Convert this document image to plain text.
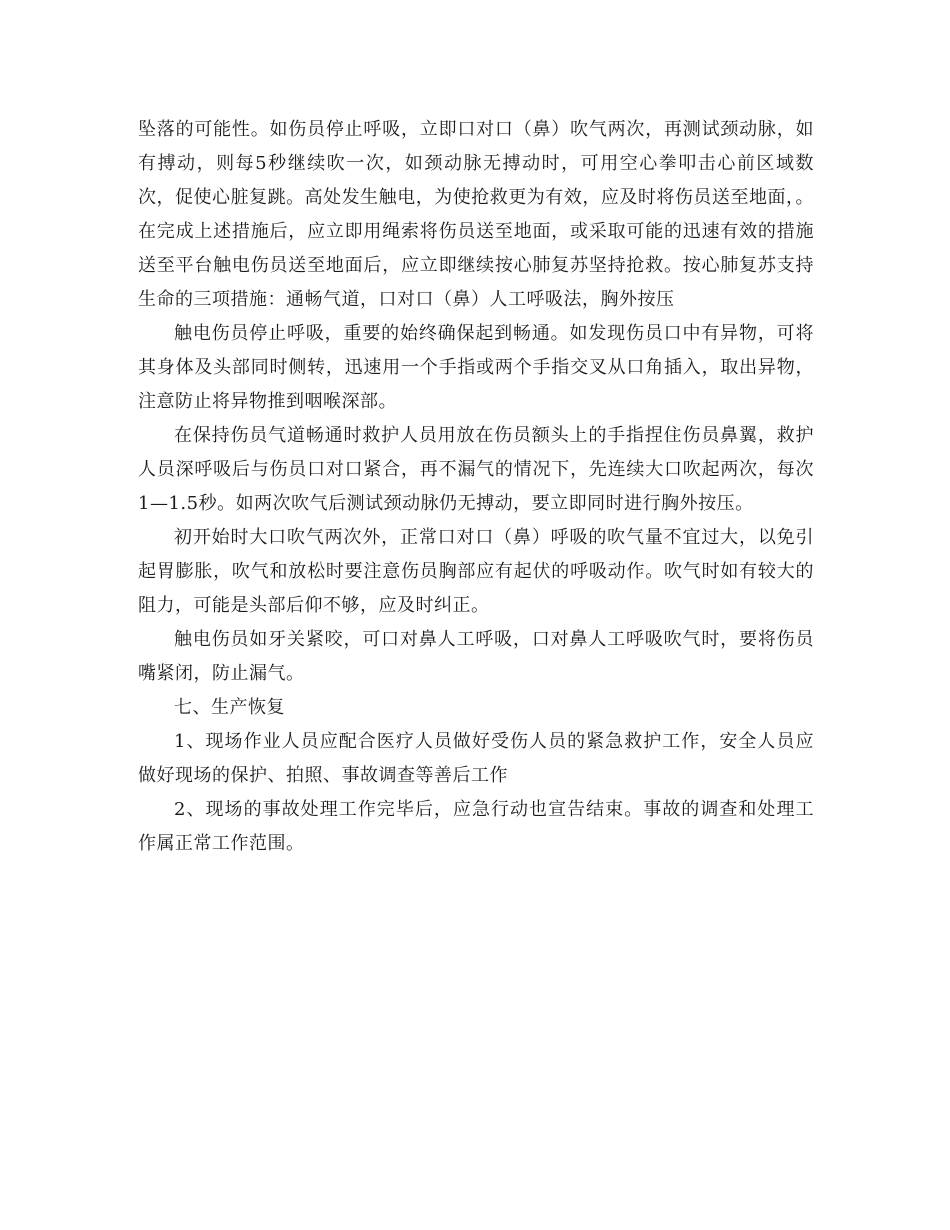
坠落的可能性。如伤员停止呼吸，立即口对口（鼻）吹气两次，再测试颈动脉，如有搏动，则每5秒继续吹一次，如颈动脉无搏动时，可用空心拳叩击心前区域数次，促使心脏复跳。高处发生触电，为使抢救更为有效，应及时将伤员送至地面，。在完成上述措施后，应立即用绳索将伤员送至地面，或采取可能的迅速有效的措施送至平台触电伤员送至地面后，应立即继续按心肺复苏坚持抢救。按心肺复苏支持生命的三项措施：通畅气道，口对口（鼻）人工呼吸法，胸外按压

触电伤员停止呼吸，重要的始终确保起到畅通。如发现伤员口中有异物，可将其身体及头部同时侧转，迅速用一个手指或两个手指交叉从口角插入，取出异物，注意防止将异物推到咽喉深部。

在保持伤员气道畅通时救护人员用放在伤员额头上的手指捏住伤员鼻翼，救护人员深呼吸后与伤员口对口紧合，再不漏气的情况下，先连续大口吹起两次，每次1—1.5秒。如两次吹气后测试颈动脉仍无搏动，要立即同时进行胸外按压。

初开始时大口吹气两次外，正常口对口（鼻）呼吸的吹气量不宜过大，以免引起胃膨胀，吹气和放松时要注意伤员胸部应有起伏的呼吸动作。吹气时如有较大的阻力，可能是头部后仰不够，应及时纠正。

触电伤员如牙关紧咬，可口对鼻人工呼吸，口对鼻人工呼吸吹气时，要将伤员嘴紧闭，防止漏气。

七、生产恢复

1、现场作业人员应配合医疗人员做好受伤人员的紧急救护工作，安全人员应做好现场的保护、拍照、事故调查等善后工作

2、现场的事故处理工作完毕后，应急行动也宣告结束。事故的调查和处理工作属正常工作范围。
